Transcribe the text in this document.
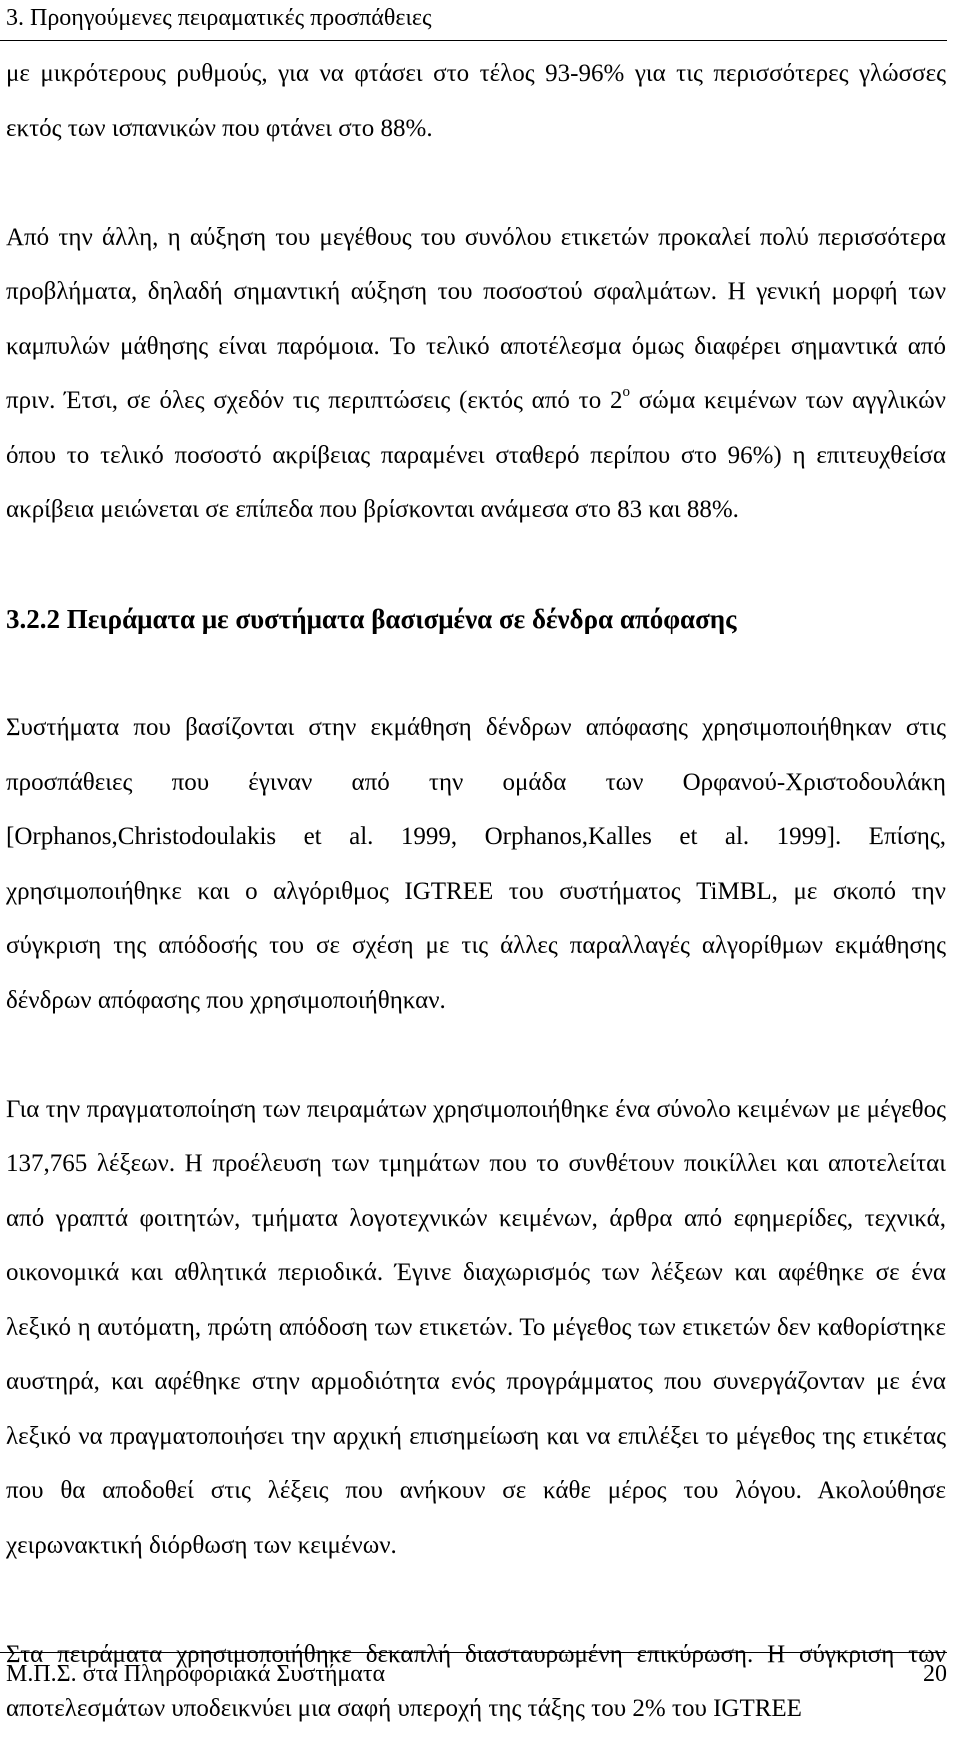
3. Προηγούμενες πειραματικές προσπάθειες

με μικρότερους ρυθμούς, για να φτάσει στο τέλος 93-96% για τις περισσότερες γλώσσες εκτός των ισπανικών που φτάνει στο 88%.

Από την άλλη, η αύξηση του μεγέθους του συνόλου ετικετών προκαλεί πολύ περισσότερα προβλήματα, δηλαδή σημαντική αύξηση του ποσοστού σφαλμάτων. Η γενική μορφή των καμπυλών μάθησης είναι παρόμοια. Το τελικό αποτέλεσμα όμως διαφέρει σημαντικά από πριν. Έτσι, σε όλες σχεδόν τις περιπτώσεις (εκτός από το $2^o$ σώμα κειμένων των αγγλικών όπου το τελικό ποσοστό ακρίβειας παραμένει σταθερό περίπου στο 96%) η επιτευχθείσα ακρίβεια μειώνεται σε επίπεδα που βρίσκονται ανάμεσα στο 83 και 88%.

3.2.2 Πειράματα με συστήματα βασισμένα σε δένδρα απόφασης

Συστήματα που βασίζονται στην εκμάθηση δένδρων απόφασης χρησιμοποιήθηκαν στις προσπάθειες που έγιναν από την ομάδα των Ορφανού-Χριστοδουλάκη [Orphanos,Christodoulakis et al. 1999, Orphanos,Kalles et al. 1999]. Επίσης, χρησιμοποιήθηκε και ο αλγόριθμος IGTREE του συστήματος TiMBL, με σκοπό την σύγκριση της απόδοσής του σε σχέση με τις άλλες παραλλαγές αλγορίθμων εκμάθησης δένδρων απόφασης που χρησιμοποιήθηκαν.

Για την πραγματοποίηση των πειραμάτων χρησιμοποιήθηκε ένα σύνολο κειμένων με μέγεθος 137,765 λέξεων. Η προέλευση των τμημάτων που το συνθέτουν ποικίλλει και αποτελείται από γραπτά φοιτητών, τμήματα λογοτεχνικών κειμένων, άρθρα από εφημερίδες, τεχνικά, οικονομικά και αθλητικά περιοδικά. Έγινε διαχωρισμός των λέξεων και αφέθηκε σε ένα λεξικό η αυτόματη, πρώτη απόδοση των ετικετών. Το μέγεθος των ετικετών δεν καθορίστηκε αυστηρά, και αφέθηκε στην αρμοδιότητα ενός προγράμματος που συνεργάζονταν με ένα λεξικό να πραγματοποιήσει την αρχική επισημείωση και να επιλέξει το μέγεθος της ετικέτας που θα αποδοθεί στις λέξεις που ανήκουν σε κάθε μέρος του λόγου. Ακολούθησε χειρωνακτική διόρθωση των κειμένων.

Στα πειράματα χρησιμοποιήθηκε δεκαπλή διασταυρωμένη επικύρωση. Η σύγκριση των αποτελεσμάτων υποδεικνύει μια σαφή υπεροχή της τάξης του 2% του IGTREE

Μ.Π.Σ. στα Πληροφοριακά Συστήματα	20
